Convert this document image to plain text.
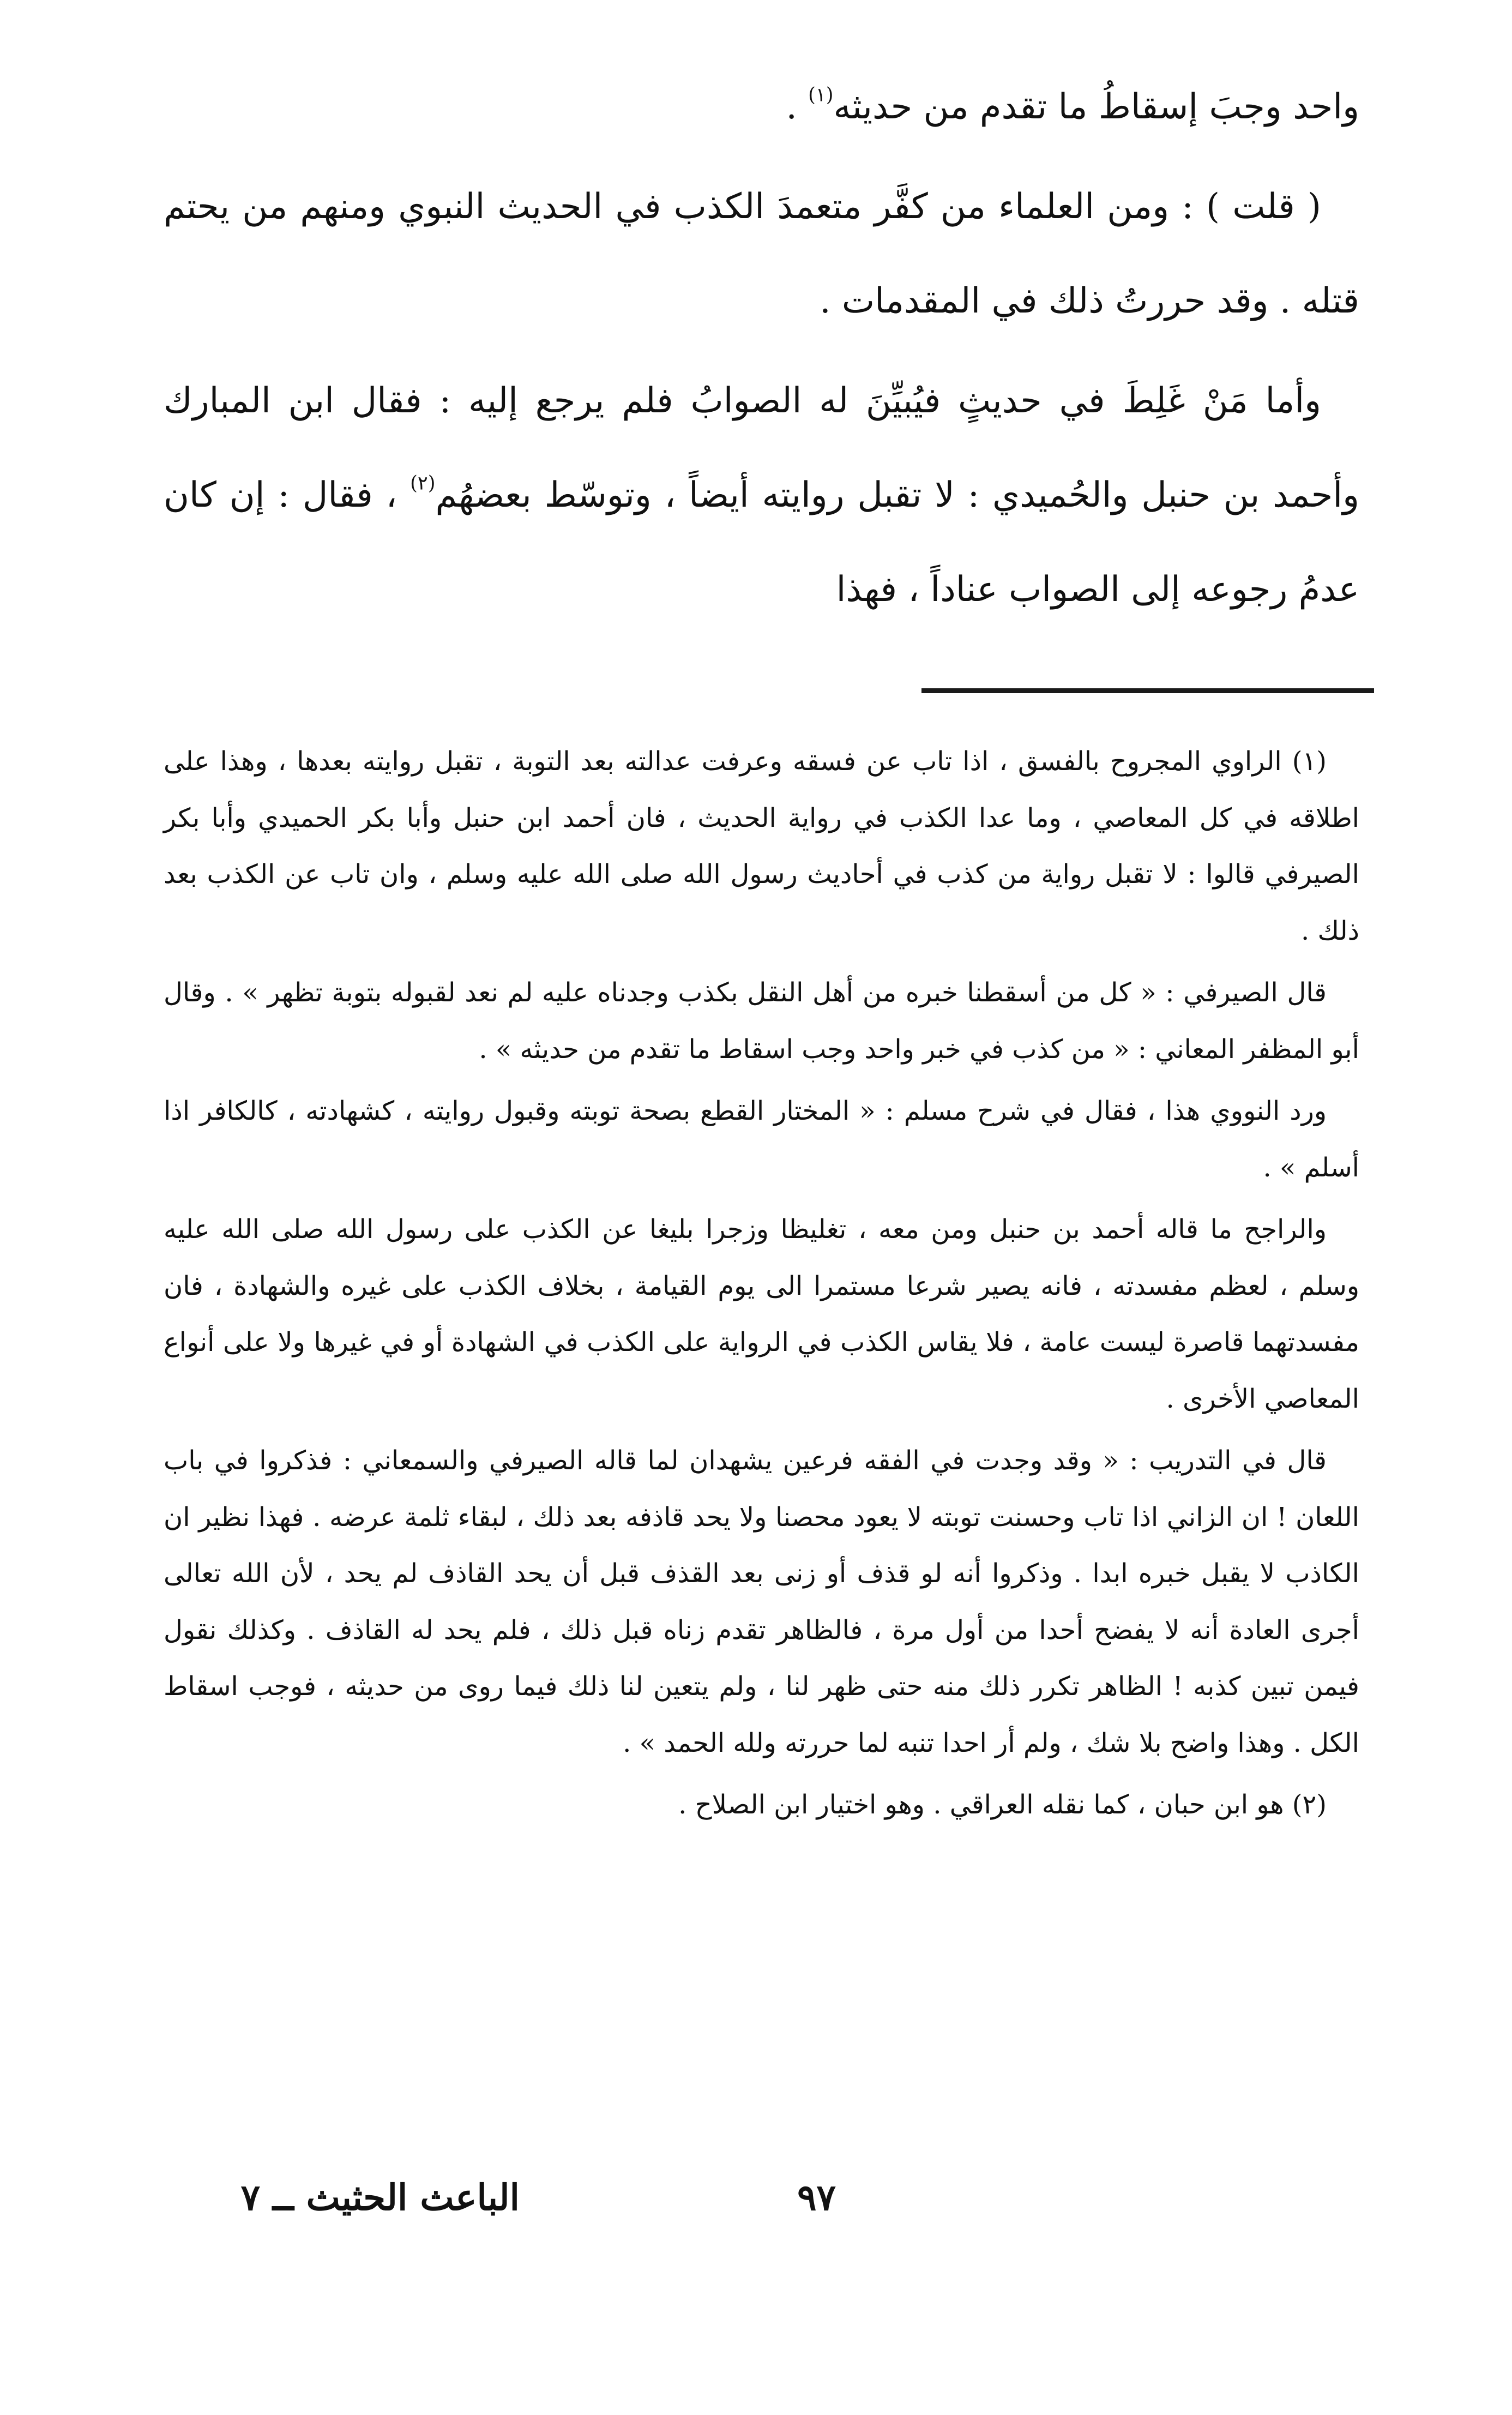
واحد وجبَ إسقاطُ ما تقدم من حديثه$^{(١)}$ .

( قلت ) : ومن العلماء من كفَّر متعمدَ الكذب في الحديث النبوي ومنهم من يحتم قتله . وقد حررتُ ذلك في المقدمات .

وأما مَنْ غَلِطَ في حديثٍ فيُبيِّنَ له الصوابُ فلم يرجع إليه : فقال ابن المبارك وأحمد بن حنبل والحُميدي : لا تقبل روايته أيضاً ، وتوسّط بعضهُم$^{(٢)}$ ، فقال : إن كان عدمُ رجوعه إلى الصواب عناداً ، فهذا

(١) الراوي المجروح بالفسق ، اذا تاب عن فسقه وعرفت عدالته بعد التوبة ، تقبل روايته بعدها ، وهذا على اطلاقه في كل المعاصي ، وما عدا الكذب في رواية الحديث ، فان أحمد ابن حنبل وأبا بكر الحميدي وأبا بكر الصيرفي قالوا : لا تقبل رواية من كذب في أحاديث رسول الله صلى الله عليه وسلم ، وان تاب عن الكذب بعد ذلك .

قال الصيرفي : « كل من أسقطنا خبره من أهل النقل بكذب وجدناه عليه لم نعد لقبوله بتوبة تظهر » . وقال أبو المظفر المعاني : « من كذب في خبر واحد وجب اسقاط ما تقدم من حديثه » .

ورد النووي هذا ، فقال في شرح مسلم : « المختار القطع بصحة توبته وقبول روايته ، كشهادته ، كالكافر اذا أسلم » .

والراجح ما قاله أحمد بن حنبل ومن معه ، تغليظا وزجرا بليغا عن الكذب على رسول الله صلى الله عليه وسلم ، لعظم مفسدته ، فانه يصير شرعا مستمرا الى يوم القيامة ، بخلاف الكذب على غيره والشهادة ، فان مفسدتهما قاصرة ليست عامة ، فلا يقاس الكذب في الرواية على الكذب في الشهادة أو في غيرها ولا على أنواع المعاصي الأخرى .

قال في التدريب : « وقد وجدت في الفقه فرعين يشهدان لما قاله الصيرفي والسمعاني : فذكروا في باب اللعان ! ان الزاني اذا تاب وحسنت توبته لا يعود محصنا ولا يحد قاذفه بعد ذلك ، لبقاء ثلمة عرضه . فهذا نظير ان الكاذب لا يقبل خبره ابدا . وذكروا أنه لو قذف أو زنى بعد القذف قبل أن يحد القاذف لم يحد ، لأن الله تعالى أجرى العادة أنه لا يفضح أحدا من أول مرة ، فالظاهر تقدم زناه قبل ذلك ، فلم يحد له القاذف . وكذلك نقول فيمن تبين كذبه ! الظاهر تكرر ذلك منه حتى ظهر لنا ، ولم يتعين لنا ذلك فيما روى من حديثه ، فوجب اسقاط الكل . وهذا واضح بلا شك ، ولم أر احدا تنبه لما حررته ولله الحمد » .

(٢) هو ابن حبان ، كما نقله العراقي . وهو اختيار ابن الصلاح .

الباعث الحثيث ــ ٧	٩٧
